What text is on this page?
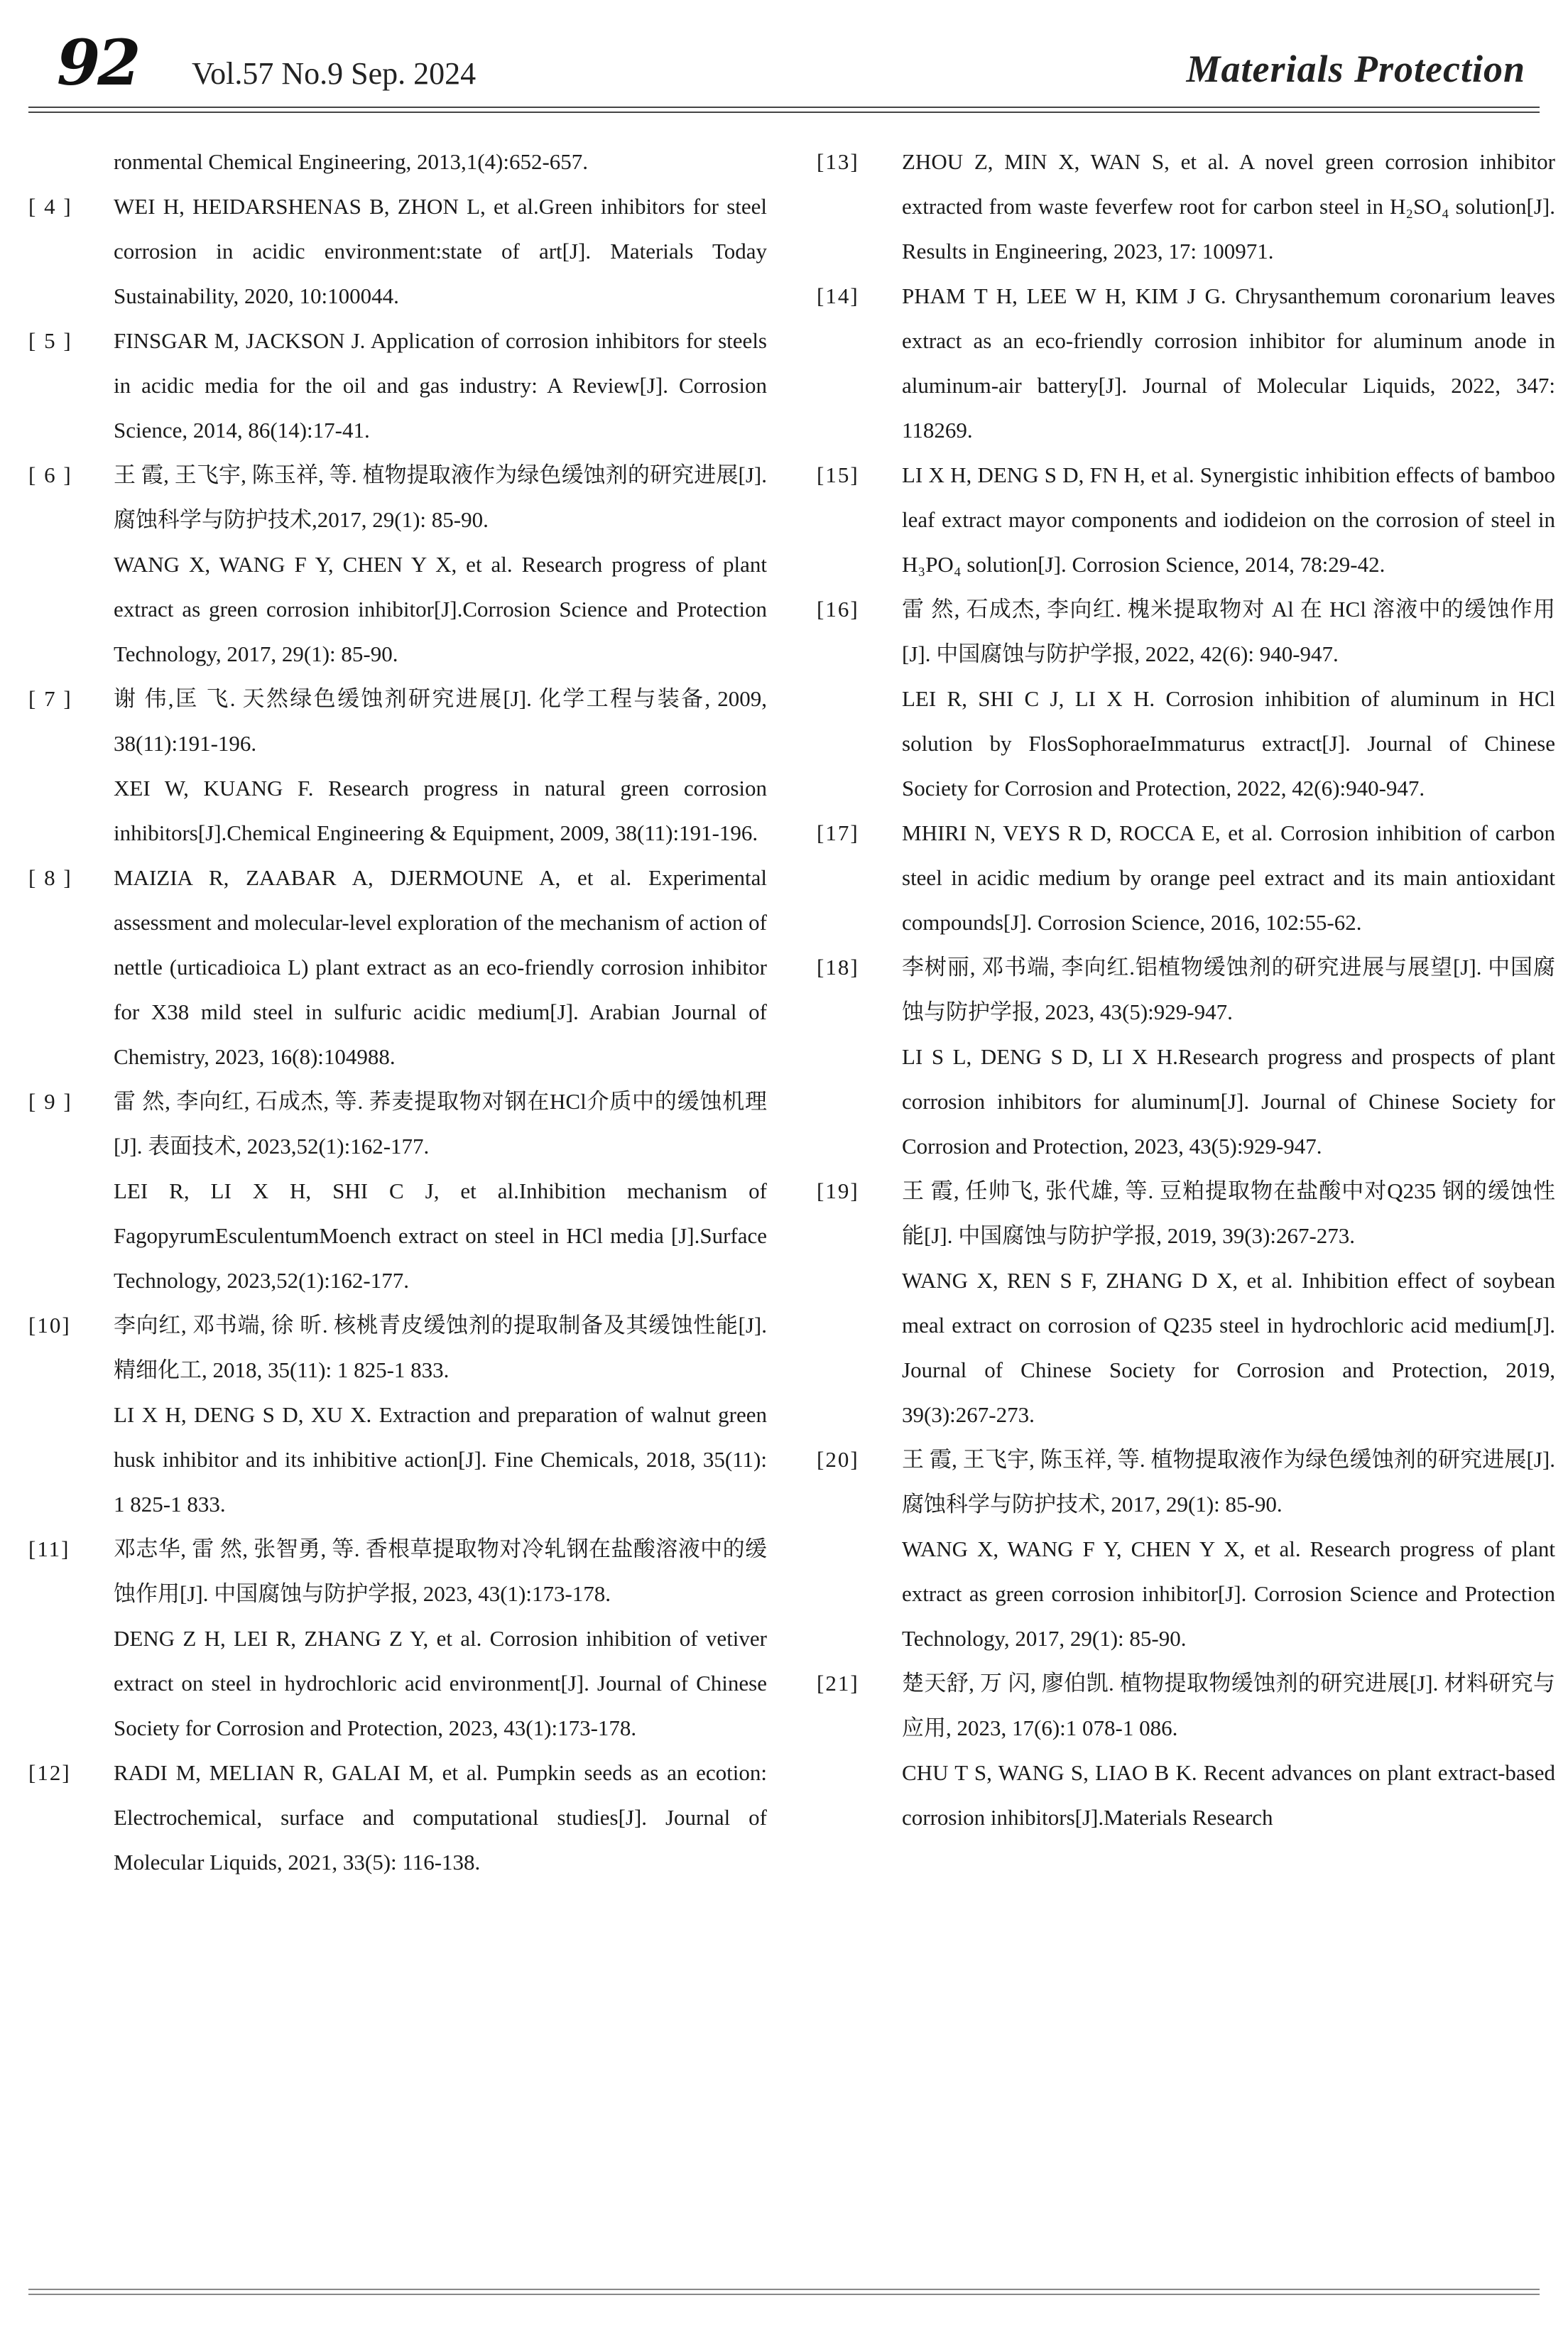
92 Vol.57 No.9 Sep. 2024	Materials Protection
ronmental Chemical Engineering, 2013,1(4):652-657.
[ 4 ]	WEI H, HEIDARSHENAS B, ZHON L, et al.Green inhibitors for steel corrosion in acidic environment:state of art[J]. Materials Today Sustainability, 2020, 10:100044.
[ 5 ]	FINSGAR M, JACKSON J. Application of corrosion inhibitors for steels in acidic media for the oil and gas industry: A Review[J]. Corrosion Science, 2014, 86(14):17-41.
[ 6 ]	王 霞, 王飞宇, 陈玉祥, 等. 植物提取液作为绿色缓蚀剂的研究进展[J]. 腐蚀科学与防护技术,2017, 29(1): 85-90.
WANG X, WANG F Y, CHEN Y X, et al. Research progress of plant extract as green corrosion inhibitor[J].Corrosion Science and Protection Technology, 2017, 29(1): 85-90.
[ 7 ]	谢 伟,匡 飞. 天然绿色缓蚀剂研究进展[J]. 化学工程与装备, 2009, 38(11):191-196.
XEI W, KUANG F. Research progress in natural green corrosion inhibitors[J].Chemical Engineering & Equipment, 2009, 38(11):191-196.
[ 8 ]	MAIZIA R, ZAABAR A, DJERMOUNE A, et al. Experimental assessment and molecular-level exploration of the mechanism of action of nettle (urticadioica L) plant extract as an eco-friendly corrosion inhibitor for X38 mild steel in sulfuric acidic medium[J]. Arabian Journal of Chemistry, 2023, 16(8):104988.
[ 9 ]	雷 然, 李向红, 石成杰, 等. 荞麦提取物对钢在HCl介质中的缓蚀机理[J]. 表面技术, 2023,52(1):162-177.
LEI R, LI X H, SHI C J, et al.Inhibition mechanism of FagopyrumEsculentumMoench extract on steel in HCl media [J].Surface Technology, 2023,52(1):162-177.
[10]	李向红, 邓书端, 徐 昕. 核桃青皮缓蚀剂的提取制备及其缓蚀性能[J]. 精细化工, 2018, 35(11): 1 825-1 833.
LI X H, DENG S D, XU X. Extraction and preparation of walnut green husk inhibitor and its inhibitive action[J]. Fine Chemicals, 2018, 35(11): 1 825-1 833.
[11]	邓志华, 雷 然, 张智勇, 等. 香根草提取物对冷轧钢在盐酸溶液中的缓蚀作用[J]. 中国腐蚀与防护学报, 2023, 43(1):173-178.
DENG Z H, LEI R, ZHANG Z Y, et al. Corrosion inhibition of vetiver extract on steel in hydrochloric acid environment[J]. Journal of Chinese Society for Corrosion and Protection, 2023, 43(1):173-178.
[12]	RADI M, MELIAN R, GALAI M, et al. Pumpkin seeds as an ecotion: Electrochemical, surface and computational studies[J]. Journal of Molecular Liquids, 2021, 33(5): 116-138.
[13]	ZHOU Z, MIN X, WAN S, et al. A novel green corrosion inhibitor extracted from waste feverfew root for carbon steel in H₂SO₄ solution[J]. Results in Engineering, 2023, 17: 100971.
[14]	PHAM T H, LEE W H, KIM J G. Chrysanthemum coronarium leaves extract as an eco-friendly corrosion inhibitor for aluminum anode in aluminum-air battery[J]. Journal of Molecular Liquids, 2022, 347: 118269.
[15]	LI X H, DENG S D, FN H, et al. Synergistic inhibition effects of bamboo leaf extract mayor components and iodideion on the corrosion of steel in H₃PO₄ solution[J]. Corrosion Science, 2014, 78:29-42.
[16]	雷 然, 石成杰, 李向红. 槐米提取物对 Al 在 HCl 溶液中的缓蚀作用[J]. 中国腐蚀与防护学报, 2022, 42(6): 940-947.
LEI R, SHI C J, LI X H. Corrosion inhibition of aluminum in HCl solution by FlosSophoraeImmaturus extract[J]. Journal of Chinese Society for Corrosion and Protection, 2022, 42(6):940-947.
[17]	MHIRI N, VEYS R D, ROCCA E, et al. Corrosion inhibition of carbon steel in acidic medium by orange peel extract and its main antioxidant compounds[J]. Corrosion Science, 2016, 102:55-62.
[18]	李树丽, 邓书端, 李向红.铝植物缓蚀剂的研究进展与展望[J]. 中国腐蚀与防护学报, 2023, 43(5):929-947.
LI S L, DENG S D, LI X H.Research progress and prospects of plant corrosion inhibitors for aluminum[J]. Journal of Chinese Society for Corrosion and Protection, 2023, 43(5):929-947.
[19]	王 霞, 任帅飞, 张代雄, 等. 豆粕提取物在盐酸中对Q235 钢的缓蚀性能[J]. 中国腐蚀与防护学报, 2019, 39(3):267-273.
WANG X, REN S F, ZHANG D X, et al. Inhibition effect of soybean meal extract on corrosion of Q235 steel in hydrochloric acid medium[J]. Journal of Chinese Society for Corrosion and Protection, 2019, 39(3):267-273.
[20]	王 霞, 王飞宇, 陈玉祥, 等. 植物提取液作为绿色缓蚀剂的研究进展[J]. 腐蚀科学与防护技术, 2017, 29(1): 85-90.
WANG X, WANG F Y, CHEN Y X, et al. Research progress of plant extract as green corrosion inhibitor[J]. Corrosion Science and Protection Technology, 2017, 29(1): 85-90.
[21]	楚天舒, 万 闪, 廖伯凯. 植物提取物缓蚀剂的研究进展[J]. 材料研究与应用, 2023, 17(6):1 078-1 086.
CHU T S, WANG S, LIAO B K. Recent advances on plant extract-based corrosion inhibitors[J].Materials Research
